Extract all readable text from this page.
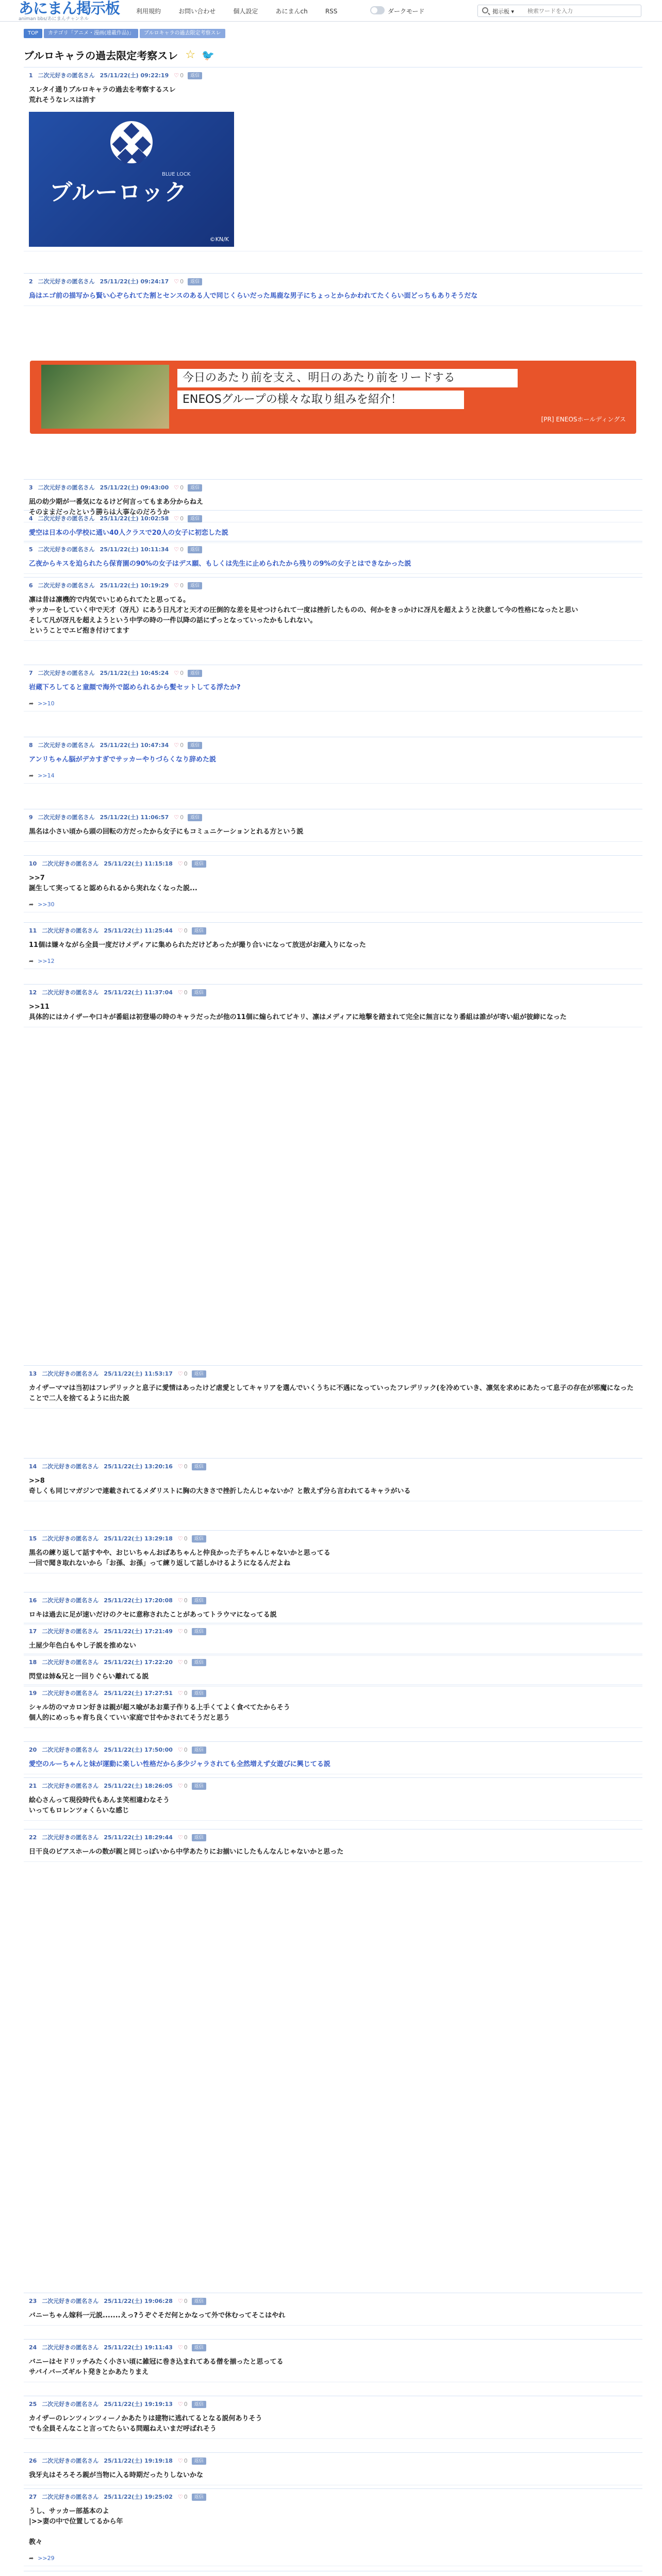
あにまん掲示板
animan bbs/あにまんチャンネル
利用規約	お問い合わせ	個人設定	あにまんch	RSS	ダークモード	掲示板 ▾
検索ワードを入力
TOP	カテゴリ「アニメ・漫画(連載作品)」	ブルロキャラの過去限定考察スレ
ブルロキャラの過去限定考察スレ ☆ 🐦
1 二次元好きの匿名さん 25/11/22(土) 09:22:19 ♡ 0 返信
スレタイ通りブルロキャラの過去を考察するスレ
荒れそうなレスは消す
ブルーロック
BLUE LOCK
©KN/K
2 二次元好きの匿名さん 25/11/22(土) 09:24:17 ♡ 0 返信
烏はエゴ前の描写から賢い心ぞられてた割とセンスのある人で同じくらいだった馬鹿な男子にちょっとからかわれてたくらい面どっちもありそうだな
3 二次元好きの匿名さん 25/11/22(土) 09:43:00 ♡ 0 返信
凪の幼少期が一番気になるけど何言ってもまあ分からねえ
そのままだったという勝ちは大事なのだろうか
4 二次元好きの匿名さん 25/11/22(土) 10:02:58 ♡ 0 返信
愛空は日本の小学校に通い40人クラスで20人の女子に初恋した説
5 二次元好きの匿名さん 25/11/22(土) 10:11:34 ♡ 0 返信
乙夜からキスを迫られたら保育園の90%の女子はデス願、もしくは先生に止められたから残りの9%の女子とはできなかった説
6 二次元好きの匿名さん 25/11/22(土) 10:19:29 ♡ 0 返信
凛は昔は凛機的で内気でいじめられてたと思ってる。
サッカーをしていく中で天才（冴凡）にあう日凡才と天才の圧倒的な差を見せつけられて一度は挫折したものの、何かをきっかけに冴凡を超えようと決意して今の性格になったと思い
そして凡が冴凡を超えようという中学の時の一件以降の話にずっとなっていったかもしれない。
ということでエビ抱き付けてます
7 二次元好きの匿名さん 25/11/22(土) 10:45:24 ♡ 0 返信
岩蔵下ろしてると童顔で海外で認められるから髪セットしてる浮たか?
➦ >>10
8 二次元好きの匿名さん 25/11/22(土) 10:47:34 ♡ 0 返信
アンリちゃん脳がデカすぎでサッカーやりづらくなり辞めた説
➦ >>14
9 二次元好きの匿名さん 25/11/22(土) 11:06:57 ♡ 0 返信
黒名は小さい頃から頭の回転の方だったから女子にもコミュニケーションとれる方という説
10 二次元好きの匿名さん 25/11/22(土) 11:15:18 ♡ 0 返信
>>7
誕生して実ってると認められるから実れなくなった説...
➦ >>30
11 二次元好きの匿名さん 25/11/22(土) 11:25:44 ♡ 0 返信
11個は嫌々ながら全員一度だけメディアに集められただけどあったが撮り合いになって放送がお蔵入りになった
➦ >>12
12 二次元好きの匿名さん 25/11/22(土) 11:37:04 ♡ 0 返信
>>11
具体的にはカイザーや口キが番組は初登場の時のキャラだったが他の11個に煽られてビキリ、凛はメディアに地撃を踏まれて完全に無言になり番組は誰がが寄い組が彼締になった
13 二次元好きの匿名さん 25/11/22(土) 11:53:17 ♡ 0 返信
カイザーママは当初はフレデリックと息子に愛情はあったけど虐愛としてキャリアを選んでいくうちに不遇になっていったフレデリック(を冷めていき、凛気を求めにあたって息子の存在が邪魔になったことで二人を捨てるように出た説
14 二次元好きの匿名さん 25/11/22(土) 13:20:16 ♡ 0 返信
>>8
奇しくも同じマガジンで連載されてるメダリストに胸の大きさで挫折したんじゃないか？と散えず分ら言われてるキャラがいる
15 二次元好きの匿名さん 25/11/22(土) 13:29:18 ♡ 0 返信
黒名の練り返して話すやや、おじいちゃんおばあちゃんと仲良かった子ちゃんじゃないかと思ってる
一回で聞き取れないから「お孫、お孫」って練り返して話しかけるようになるんだよね
16 二次元好きの匿名さん 25/11/22(土) 17:20:08 ♡ 0 返信
ロキは過去に足が速いだけのクセに意称されたことがあってトラウマになってる説
17 二次元好きの匿名さん 25/11/22(土) 17:21:49 ♡ 0 返信
土屋少年色白もやし子説を推めない
18 二次元好きの匿名さん 25/11/22(土) 17:22:20 ♡ 0 返信
閃堂は姉&兄と一回りぐらい離れてる説
19 二次元好きの匿名さん 25/11/22(土) 17:27:51 ♡ 0 返信
シャル坊のマカロン好きは親が超ス喩があお菓子作りる上手くてよく食べてたからそう
個人的にめっちゃ育ち良くていい家庭で甘やかされてそうだと思う
20 二次元好きの匿名さん 25/11/22(土) 17:50:00 ♡ 0 返信
愛空のルーちゃんと妹が運動に楽しい性格だから多少ジャラされても全然増えず女遊びに興じてる説
21 二次元好きの匿名さん 25/11/22(土) 18:26:05 ♡ 0 返信
絵心さんって現役時代もあんま笑相違わなそう
いってもロレンツォくらいな感じ
22 二次元好きの匿名さん 25/11/22(土) 18:29:44 ♡ 0 返信
日干良のピアスホールの数が親と同じっぽいから中学あたりにお揃いにしたもんなんじゃないかと思った
23 二次元好きの匿名さん 25/11/22(土) 19:06:28 ♡ 0 返信
バニーちゃん嫁科一元説.......えっ?うぞぐそだ何とかなって外で休むってそこはやれ
24 二次元好きの匿名さん 25/11/22(土) 19:11:43 ♡ 0 返信
バニーはセドリッチみたく小さい頃に雑冠に巻き込まれてある僧を揃ったと思ってる
サバイバーズギルト発きとかあたりまえ
25 二次元好きの匿名さん 25/11/22(土) 19:19:13 ♡ 0 返信
カイザーのレンツィンツィーノかあたりは建物に逃れてるとなる説何ありそう
でも全員そんなこと言ってたらいる問題ねえいまだ呼ばれそう
26 二次元好きの匿名さん 25/11/22(土) 19:19:18 ♡ 0 返信
我牙丸はそろそろ親が当物に入る時期だったりしないかな
27 二次元好きの匿名さん 25/11/22(土) 19:25:02 ♡ 0 返信
うし、サッカー部基本のよ
|>>妻の中で位置してるから年

教々
➦ >>29
今日のあたり前を支え、明日のあたり前をリードする
ENEOSグループの様々な取り組みを紹介！
[PR] ENEOSホールディングス
